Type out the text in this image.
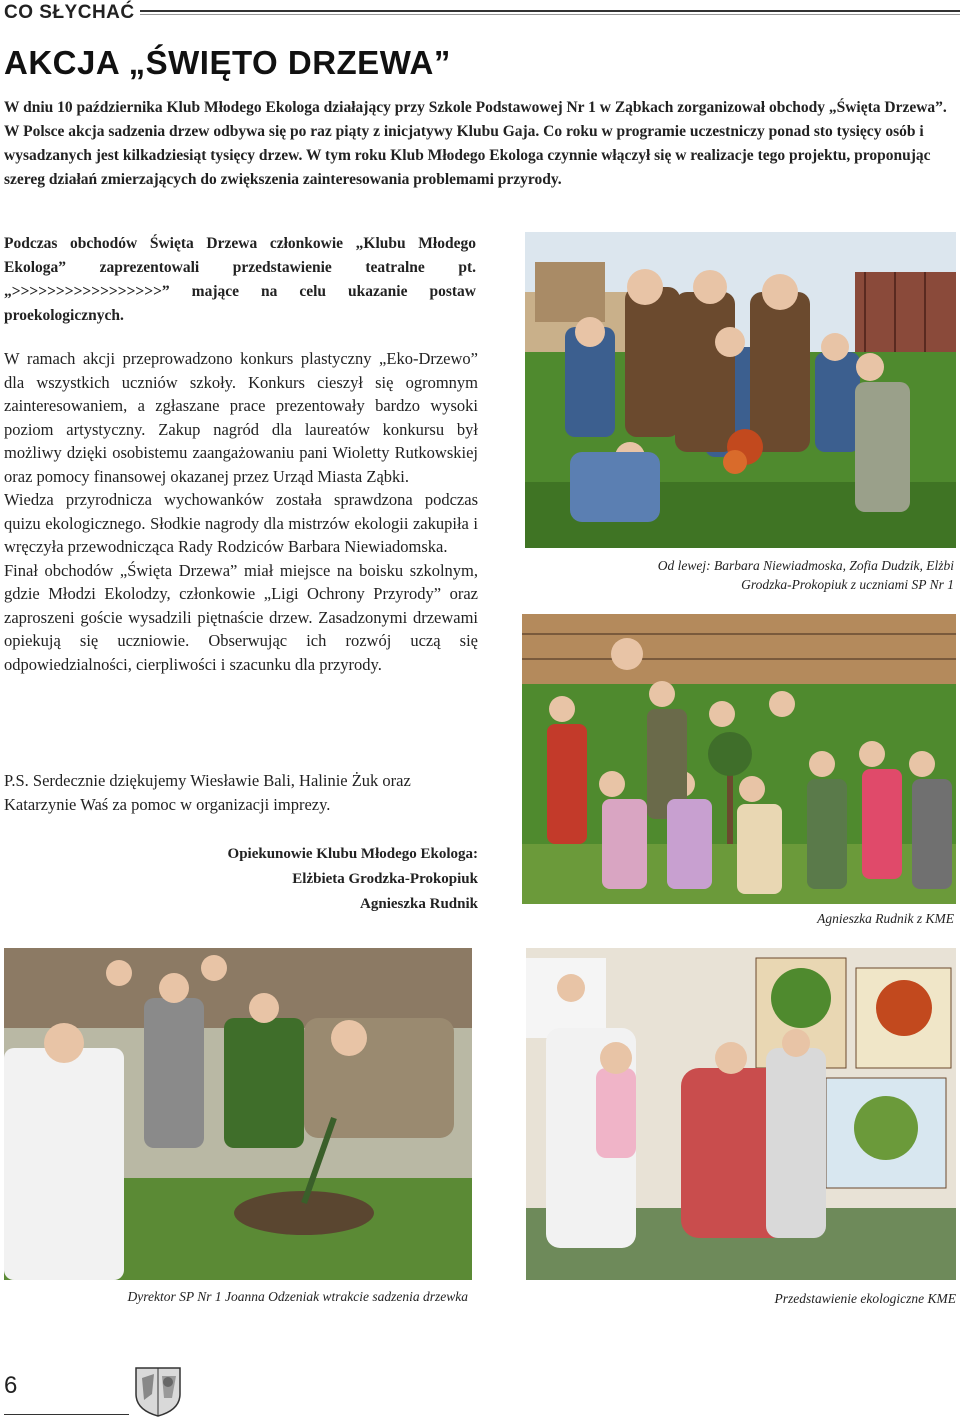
CO SŁYCHAĆ
AKCJA „ŚWIĘTO DRZEWA”

W dniu 10 października Klub Młodego Ekologa działający przy Szkole Podstawowej Nr 1 w Ząbkach zorganizował obchody „Święta Drzewa”. W Polsce akcja sadzenia drzew odbywa się po raz piąty z inicjatywy Klubu Gaja. Co roku w programie uczestniczy ponad sto tysięcy osób i wysadzanych jest kilkadziesiąt tysięcy drzew. W tym roku Klub Młodego Ekologa czynnie włączył się w realizacje tego projektu, proponując szereg działań zmierzających do zwiększenia zainteresowania problemami przyrody.

Podczas obchodów Święta Drzewa członkowie „Klubu Młodego Ekologa” zaprezentowali przedstawienie teatralne pt. „>>>>>>>>>>>>>>>>>” mające na celu ukazanie postaw proekologicznych.

W ramach akcji przeprowadzono konkurs plastyczny „Eko-Drzewo” dla wszystkich uczniów szkoły. Konkurs cieszył się ogromnym zainteresowaniem, a zgłaszane prace prezentowały bardzo wysoki poziom artystyczny. Zakup nagród dla laureatów konkursu był możliwy dzięki osobistemu zaangażowaniu pani Wioletty Rutkowskiej oraz pomocy finansowej okazanej przez Urząd Miasta Ząbki.

Wiedza przyrodnicza wychowanków została sprawdzona podczas quizu ekologicznego. Słodkie nagrody dla mistrzów ekologii zakupiła i wręczyła przewodnicząca Rady Rodziców Barbara Niewiadomska.

Finał obchodów „Święta Drzewa” miał miejsce na boisku szkolnym, gdzie Młodzi Ekolodzy, członkowie „Ligi Ochrony Przyrody” oraz zaproszeni goście wysadzili piętnaście drzew. Zasadzonymi drzewami opiekują się uczniowie. Obserwując ich rozwój uczą się odpowiedzialności, cierpliwości i szacunku dla przyrody.

P.S. Serdecznie dziękujemy Wiesławie Bali, Halinie Żuk oraz Katarzynie Waś za pomoc w organizacji imprezy.

Opiekunowie Klubu Młodego Ekologa:
Elżbieta Grodzka-Prokopiuk
Agnieszka Rudnik

Od lewej: Barbara Niewiadmoska, Zofia Dudzik, Elżbi Grodzka-Prokopiuk z uczniami SP Nr 1

Agnieszka Rudnik z KME

Dyrektor SP Nr 1 Joanna Odzeniak wtrakcie sadzenia drzewka	Przedstawienie ekologiczne KME

6
